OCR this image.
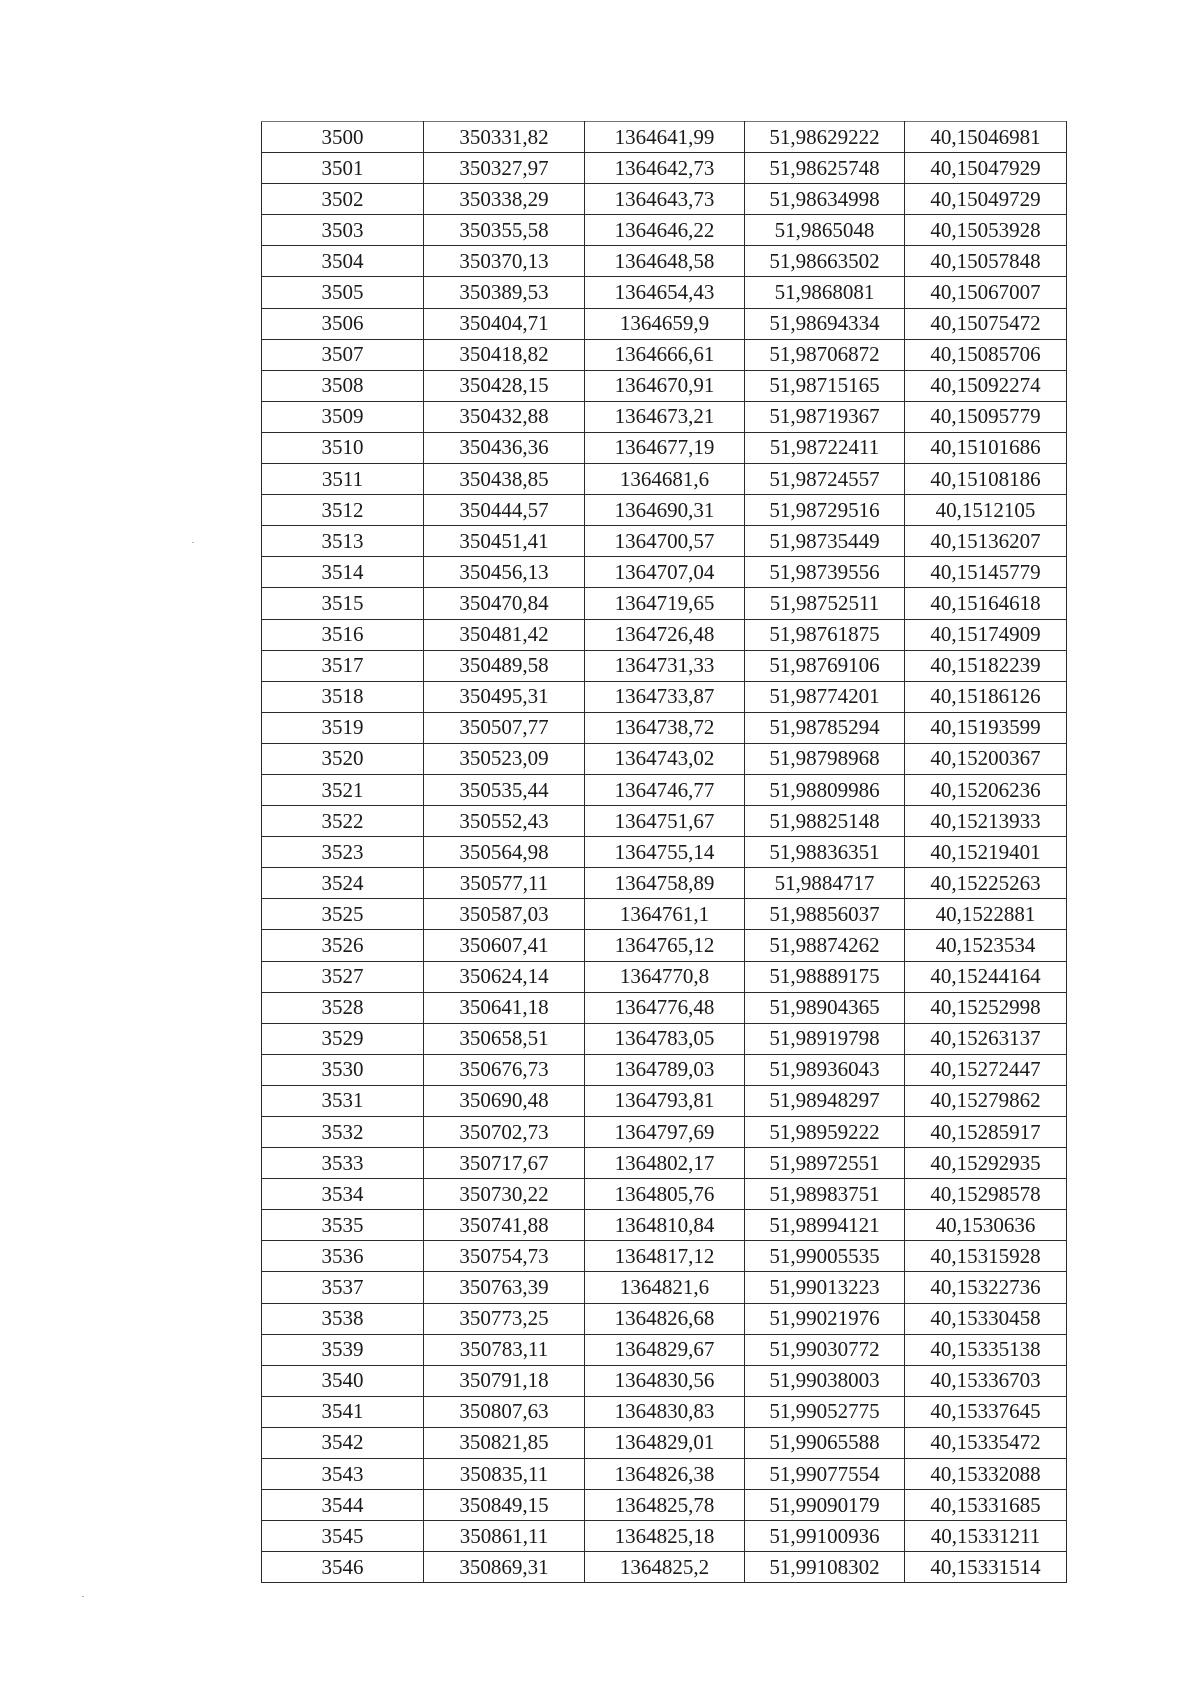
3500	350331,82	1364641,99	51,98629222	40,15046981
3501	350327,97	1364642,73	51,98625748	40,15047929
3502	350338,29	1364643,73	51,98634998	40,15049729
3503	350355,58	1364646,22	51,9865048	40,15053928
3504	350370,13	1364648,58	51,98663502	40,15057848
3505	350389,53	1364654,43	51,9868081	40,15067007
3506	350404,71	1364659,9	51,98694334	40,15075472
3507	350418,82	1364666,61	51,98706872	40,15085706
3508	350428,15	1364670,91	51,98715165	40,15092274
3509	350432,88	1364673,21	51,98719367	40,15095779
3510	350436,36	1364677,19	51,98722411	40,15101686
3511	350438,85	1364681,6	51,98724557	40,15108186
3512	350444,57	1364690,31	51,98729516	40,1512105
3513	350451,41	1364700,57	51,98735449	40,15136207
3514	350456,13	1364707,04	51,98739556	40,15145779
3515	350470,84	1364719,65	51,98752511	40,15164618
3516	350481,42	1364726,48	51,98761875	40,15174909
3517	350489,58	1364731,33	51,98769106	40,15182239
3518	350495,31	1364733,87	51,98774201	40,15186126
3519	350507,77	1364738,72	51,98785294	40,15193599
3520	350523,09	1364743,02	51,98798968	40,15200367
3521	350535,44	1364746,77	51,98809986	40,15206236
3522	350552,43	1364751,67	51,98825148	40,15213933
3523	350564,98	1364755,14	51,98836351	40,15219401
3524	350577,11	1364758,89	51,9884717	40,15225263
3525	350587,03	1364761,1	51,98856037	40,1522881
3526	350607,41	1364765,12	51,98874262	40,1523534
3527	350624,14	1364770,8	51,98889175	40,15244164
3528	350641,18	1364776,48	51,98904365	40,15252998
3529	350658,51	1364783,05	51,98919798	40,15263137
3530	350676,73	1364789,03	51,98936043	40,15272447
3531	350690,48	1364793,81	51,98948297	40,15279862
3532	350702,73	1364797,69	51,98959222	40,15285917
3533	350717,67	1364802,17	51,98972551	40,15292935
3534	350730,22	1364805,76	51,98983751	40,15298578
3535	350741,88	1364810,84	51,98994121	40,1530636
3536	350754,73	1364817,12	51,99005535	40,15315928
3537	350763,39	1364821,6	51,99013223	40,15322736
3538	350773,25	1364826,68	51,99021976	40,15330458
3539	350783,11	1364829,67	51,99030772	40,15335138
3540	350791,18	1364830,56	51,99038003	40,15336703
3541	350807,63	1364830,83	51,99052775	40,15337645
3542	350821,85	1364829,01	51,99065588	40,15335472
3543	350835,11	1364826,38	51,99077554	40,15332088
3544	350849,15	1364825,78	51,99090179	40,15331685
3545	350861,11	1364825,18	51,99100936	40,15331211
3546	350869,31	1364825,2	51,99108302	40,15331514
